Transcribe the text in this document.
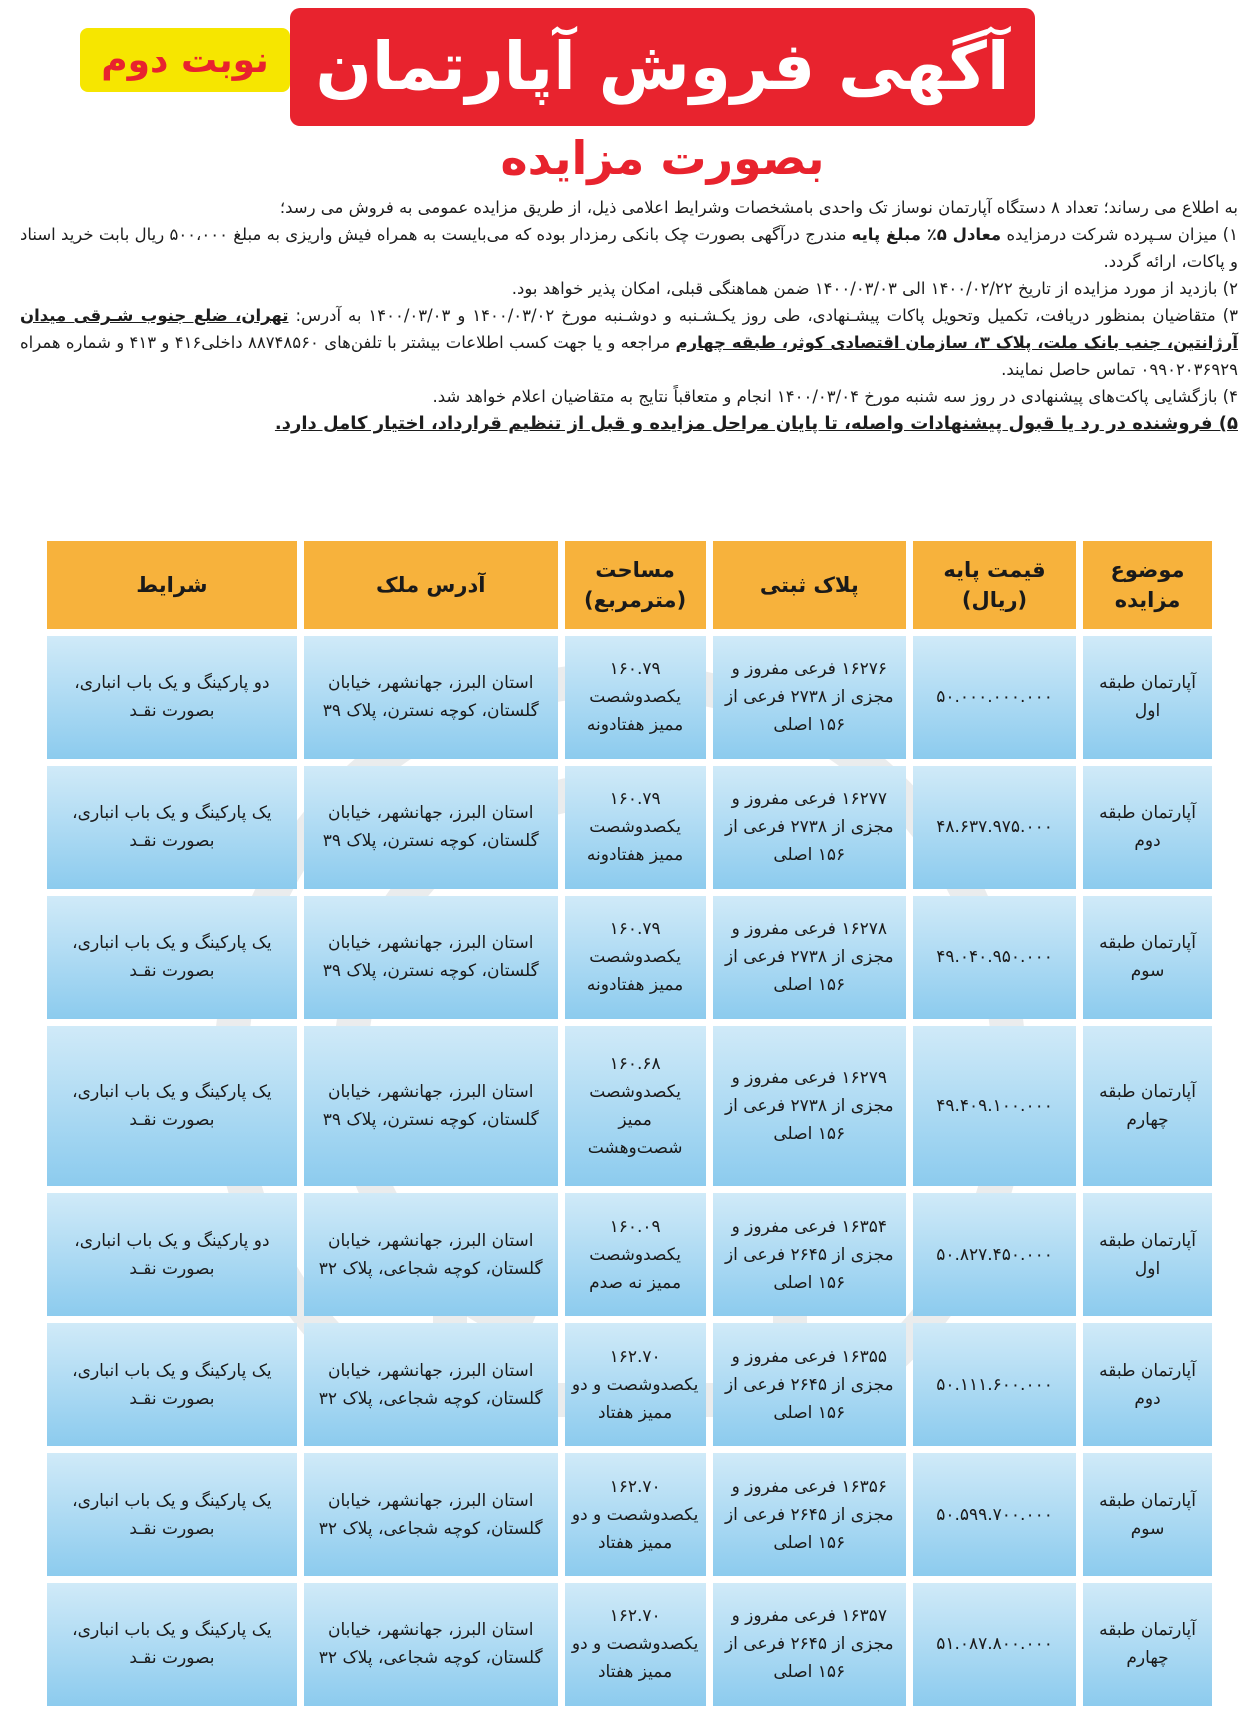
آگهی فروش آپارتمان
نوبت دوم
بصورت مزایده

به اطلاع می رساند؛ تعداد ۸ دستگاه آپارتمان نوساز تک واحدی بامشخصات وشرایط اعلامی ذیل، از طریق مزایده عمومی به فروش می رسد؛

۱) میزان سـپرده شرکت درمزایده معادل ۵٪ مبلغ پایه مندرج درآگهی بصورت چک بانکی رمزدار بوده که می‌بایست به همراه فیش واریزی به مبلغ ۵۰۰،۰۰۰ ریال بابت خرید اسناد و پاکات، ارائه گردد.

۲) بازدید از مورد مزایده از تاریخ ۱۴۰۰/۰۲/۲۲ الی ۱۴۰۰/۰۳/۰۳ ضمن هماهنگی قبلی، امکان پذیر خواهد بود.

۳) متقاضیان بمنظور دریافت، تکمیل وتحویل پاکات پیشـنهادی، طی روز یکـشـنبه و دوشـنبه مورخ ۱۴۰۰/۰۳/۰۲ و ۱۴۰۰/۰۳/۰۳ به آدرس: تهران، ضلع جنوب شـرقی میدان آرژانتین، جنب بانک ملت، پلاک ۳، سازمان اقتصادی کوثر، طبقه چهارم مراجعه و یا جهت کسب اطلاعات بیشتر با تلفن‌های ۸۸۷۴۸۵۶۰ داخلی۴۱۶ و ۴۱۳ و شماره همراه ۰۹۹۰۲۰۳۶۹۲۹ تماس حاصل نمایند.

۴) بازگشایی پاکت‌های پیشنهادی در روز سه شنبه مورخ ۱۴۰۰/۰۳/۰۴ انجام و متعاقباً نتایج به متقاضیان اعلام خواهد شد.

۵) فروشنده در رد یا قبول پیشنهادات واصله، تا پایان مراحل مزایده و قبل از تنظیم قرارداد، اختیار کامل دارد.

موضوع مزایده	قیمت پایه (ریال)	پلاک ثبتی	مساحت (مترمربع)	آدرس ملک	شرایط
آپارتمان طبقه اول	۵۰.۰۰۰.۰۰۰.۰۰۰	۱۶۲۷۶ فرعی مفروز و مجزی از ۲۷۳۸ فرعی از ۱۵۶ اصلی	۱۶۰.۷۹ یکصدوشصت ممیز هفتادونه	استان البرز، جهانشهر، خیابان گلستان، کوچه نسترن، پلاک ۳۹	دو پارکینگ و یک باب انباری، بصورت نقـد
آپارتمان طبقه دوم	۴۸.۶۳۷.۹۷۵.۰۰۰	۱۶۲۷۷ فرعی مفروز و مجزی از ۲۷۳۸ فرعی از ۱۵۶ اصلی	۱۶۰.۷۹ یکصدوشصت ممیز هفتادونه	استان البرز، جهانشهر، خیابان گلستان، کوچه نسترن، پلاک ۳۹	یک پارکینگ و یک باب انباری، بصورت نقـد
آپارتمان طبقه سوم	۴۹.۰۴۰.۹۵۰.۰۰۰	۱۶۲۷۸ فرعی مفروز و مجزی از ۲۷۳۸ فرعی از ۱۵۶ اصلی	۱۶۰.۷۹ یکصدوشصت ممیز هفتادونه	استان البرز، جهانشهر، خیابان گلستان، کوچه نسترن، پلاک ۳۹	یک پارکینگ و یک باب انباری، بصورت نقـد
آپارتمان طبقه چهارم	۴۹.۴۰۹.۱۰۰.۰۰۰	۱۶۲۷۹ فرعی مفروز و مجزی از ۲۷۳۸ فرعی از ۱۵۶ اصلی	۱۶۰.۶۸ یکصدوشصت ممیز شصت‌وهشت	استان البرز، جهانشهر، خیابان گلستان، کوچه نسترن، پلاک ۳۹	یک پارکینگ و یک باب انباری، بصورت نقـد
آپارتمان طبقه اول	۵۰.۸۲۷.۴۵۰.۰۰۰	۱۶۳۵۴ فرعی مفروز و مجزی از ۲۶۴۵ فرعی از ۱۵۶ اصلی	۱۶۰.۰۹ یکصدوشصت ممیز نه صدم	استان البرز، جهانشهر، خیابان گلستان، کوچه شجاعی، پلاک ۳۲	دو پارکینگ و یک باب انباری، بصورت نقـد
آپارتمان طبقه دوم	۵۰.۱۱۱.۶۰۰.۰۰۰	۱۶۳۵۵ فرعی مفروز و مجزی از ۲۶۴۵ فرعی از ۱۵۶ اصلی	۱۶۲.۷۰ یکصدوشصت و دو ممیز هفتاد	استان البرز، جهانشهر، خیابان گلستان، کوچه شجاعی، پلاک ۳۲	یک پارکینگ و یک باب انباری، بصورت نقـد
آپارتمان طبقه سوم	۵۰.۵۹۹.۷۰۰.۰۰۰	۱۶۳۵۶ فرعی مفروز و مجزی از ۲۶۴۵ فرعی از ۱۵۶ اصلی	۱۶۲.۷۰ یکصدوشصت و دو ممیز هفتاد	استان البرز، جهانشهر، خیابان گلستان، کوچه شجاعی، پلاک ۳۲	یک پارکینگ و یک باب انباری، بصورت نقـد
آپارتمان طبقه چهارم	۵۱.۰۸۷.۸۰۰.۰۰۰	۱۶۳۵۷ فرعی مفروز و مجزی از ۲۶۴۵ فرعی از ۱۵۶ اصلی	۱۶۲.۷۰ یکصدوشصت و دو ممیز هفتاد	استان البرز، جهانشهر، خیابان گلستان، کوچه شجاعی، پلاک ۳۲	یک پارکینگ و یک باب انباری، بصورت نقـد
